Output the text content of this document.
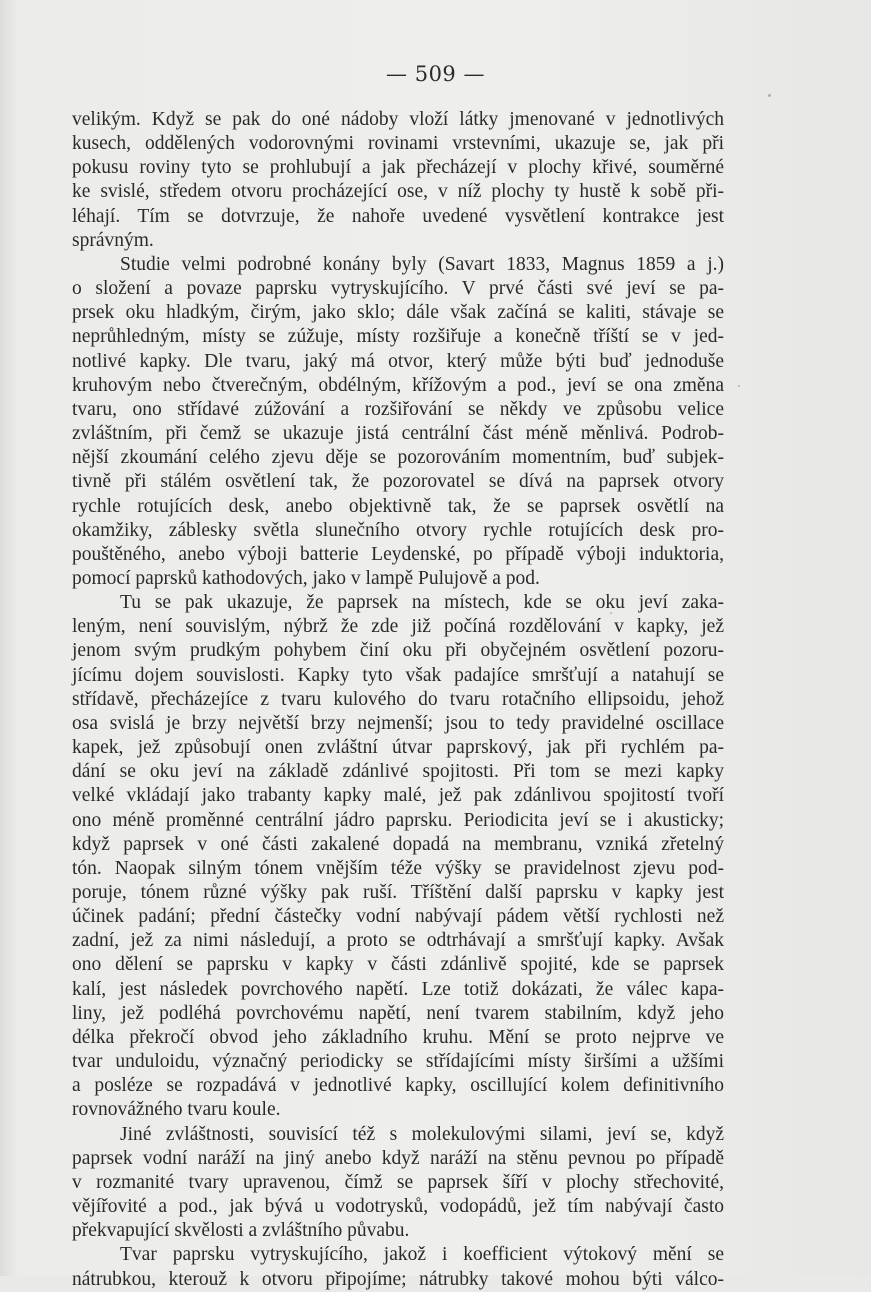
— 509 —

velikým. Když se pak do oné nádoby vloží látky jmenované v jednotlivých
kusech, oddělených vodorovnými rovinami vrstevními, ukazuje se, jak při
pokusu roviny tyto se prohlubují a jak přecházejí v plochy křivé, souměrné
ke svislé, středem otvoru procházející ose, v níž plochy ty hustě k sobě při-
léhají. Tím se dotvrzuje, že nahoře uvedené vysvětlení kontrakce jest
správným.
Studie velmi podrobné konány byly (Savart 1833, Magnus 1859 a j.)
o složení a povaze paprsku vytryskujícího. V prvé části své jeví se pa-
prsek oku hladkým, čirým, jako sklo; dále však začíná se kaliti, stávaje se
neprůhledným, místy se zúžuje, místy rozšiřuje a konečně tříští se v jed-
notlivé kapky. Dle tvaru, jaký má otvor, který může býti buď jednoduše
kruhovým nebo čtverečným, obdélným, křížovým a pod., jeví se ona změna
tvaru, ono střídavé zúžování a rozšiřování se někdy ve způsobu velice
zvláštním, při čemž se ukazuje jistá centrální část méně měnlivá. Podrob-
nější zkoumání celého zjevu děje se pozorováním momentním, buď subjek-
tivně při stálém osvětlení tak, že pozorovatel se dívá na paprsek otvory
rychle rotujících desk, anebo objektivně tak, že se paprsek osvětlí na
okamžiky, záblesky světla slunečního otvory rychle rotujících desk pro-
pouštěného, anebo výboji batterie Leydenské, po případě výboji induktoria,
pomocí paprsků kathodových, jako v lampě Pulujově a pod.
Tu se pak ukazuje, že paprsek na místech, kde se oku jeví zaka-
leným, není souvislým, nýbrž že zde již počíná rozdělování v kapky, jež
jenom svým prudkým pohybem činí oku při obyčejném osvětlení pozoru-
jícímu dojem souvislosti. Kapky tyto však padajíce smršťují a natahují se
střídavě, přecházejíce z tvaru kulového do tvaru rotačního ellipsoidu, jehož
osa svislá je brzy největší brzy nejmenší; jsou to tedy pravidelné oscillace
kapek, jež způsobují onen zvláštní útvar paprskový, jak při rychlém pa-
dání se oku jeví na základě zdánlivé spojitosti. Při tom se mezi kapky
velké vkládají jako trabanty kapky malé, jež pak zdánlivou spojitostí tvoří
ono méně proměnné centrální jádro paprsku. Periodicita jeví se i akusticky;
když paprsek v oné části zakalené dopadá na membranu, vzniká zřetelný
tón. Naopak silným tónem vnějším téže výšky se pravidelnost zjevu pod-
poruje, tónem různé výšky pak ruší. Tříštění další paprsku v kapky jest
účinek padání; přední částečky vodní nabývají pádem větší rychlosti než
zadní, jež za nimi následují, a proto se odtrhávají a smršťují kapky. Avšak
ono dělení se paprsku v kapky v části zdánlivě spojité, kde se paprsek
kalí, jest následek povrchového napětí. Lze totiž dokázati, že válec kapa-
liny, jež podléhá povrchovému napětí, není tvarem stabilním, když jeho
délka překročí obvod jeho základního kruhu. Mění se proto nejprve ve
tvar unduloidu, význačný periodicky se střídajícími místy širšími a užšími
a posléze se rozpadává v jednotlivé kapky, oscillující kolem definitivního
rovnovážného tvaru koule.
Jiné zvláštnosti, souvisící též s molekulovými silami, jeví se, když
paprsek vodní naráží na jiný anebo když naráží na stěnu pevnou po případě
v rozmanité tvary upravenou, čímž se paprsek šíří v plochy střechovité,
vějířovité a pod., jak bývá u vodotrysků, vodopádů, jež tím nabývají často
překvapující skvělosti a zvláštního půvabu.
Tvar paprsku vytryskujícího, jakož i koefficient výtokový mění se
nátrubkou, kterouž k otvoru připojíme; nátrubky takové mohou býti válco-
